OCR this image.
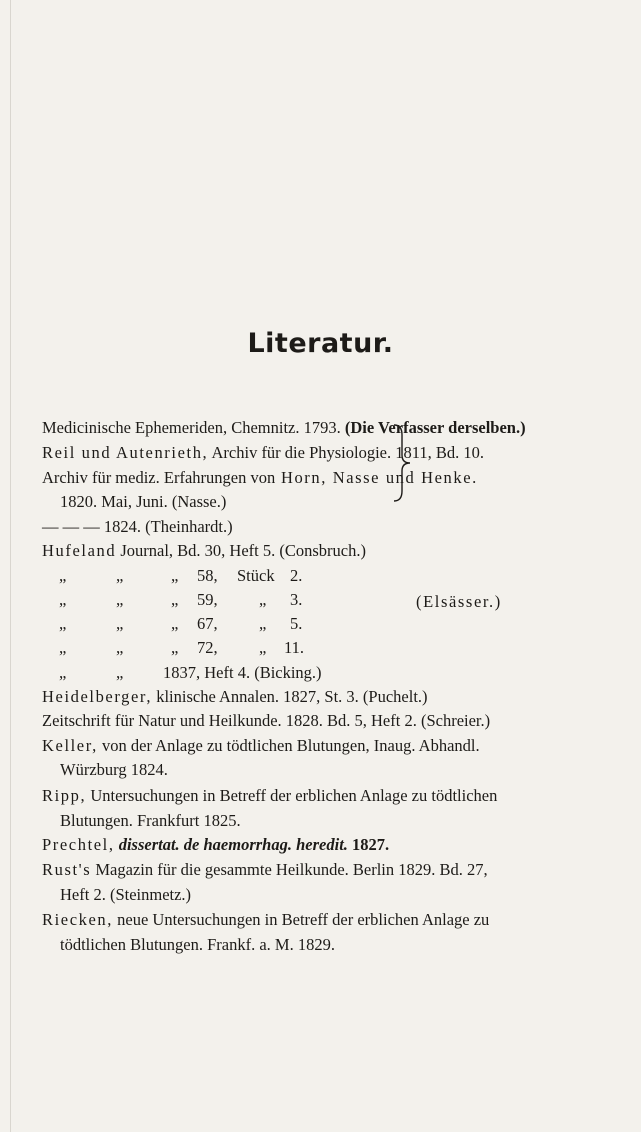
Literatur.
Medicinische Ephemeriden, Chemnitz. 1793. (Die Verfasser derselben.)
Reil und Autenrieth, Archiv für die Physiologie. 1811, Bd. 10.
Archiv für mediz. Erfahrungen von Horn, Nasse und Henke.
1820. Mai, Juni. (Nasse.)
— — — 1824. (Theinhardt.)
Hufeland Journal, Bd. 30, Heft 5. (Consbruch.)
„	„	„ 58, Stück 2.
„	„	„ 59,	„ 3.
„	„	„ 67,	„ 5.
„	„	„ 72,	„ 11.
(Elsässer.)
„	„ 1837, Heft 4. (Bicking.)
Heidelberger, klinische Annalen. 1827, St. 3. (Puchelt.)
Zeitschrift für Natur und Heilkunde. 1828. Bd. 5, Heft 2. (Schreier.)
Keller, von der Anlage zu tödtlichen Blutungen, Inaug. Abhandl.
Würzburg 1824.
Ripp, Untersuchungen in Betreff der erblichen Anlage zu tödtlichen
Blutungen. Frankfurt 1825.
Prechtel, dissertat. de haemorrhag. heredit. 1827.
Rust's Magazin für die gesammte Heilkunde. Berlin 1829. Bd. 27,
Heft 2. (Steinmetz.)
Riecken, neue Untersuchungen in Betreff der erblichen Anlage zu
tödtlichen Blutungen. Frankf. a. M. 1829.
